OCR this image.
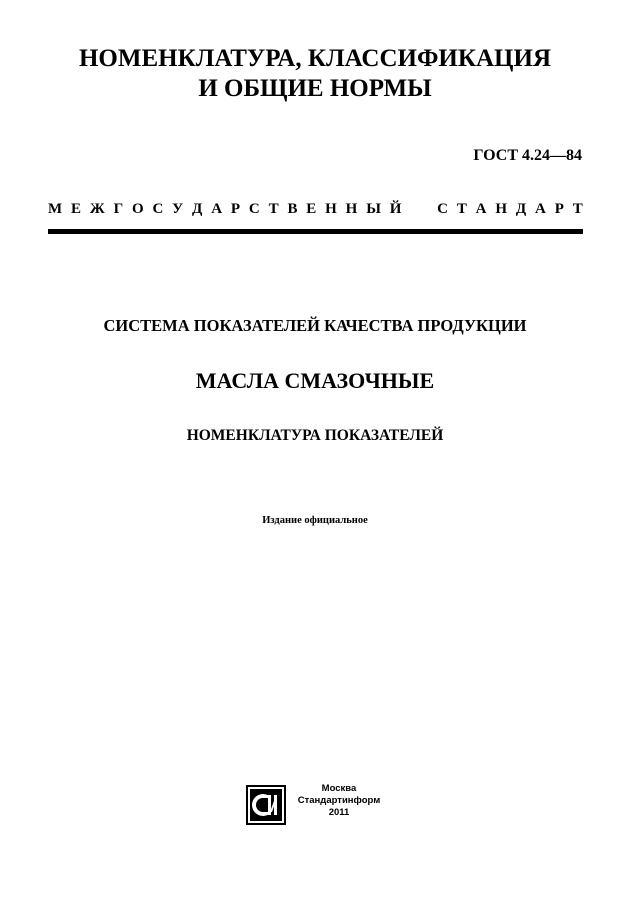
НОМЕНКЛАТУРА, КЛАССИФИКАЦИЯ
И ОБЩИЕ НОРМЫ
ГОСТ 4.24—84
М Е Ж Г О С У Д А Р С Т В Е Н Н Ы Й С Т А Н Д А Р Т
СИСТЕМА ПОКАЗАТЕЛЕЙ КАЧЕСТВА ПРОДУКЦИИ
МАСЛА СМАЗОЧНЫЕ
НОМЕНКЛАТУРА ПОКАЗАТЕЛЕЙ
Издание официальное
Москва
Стандартинформ
2011
